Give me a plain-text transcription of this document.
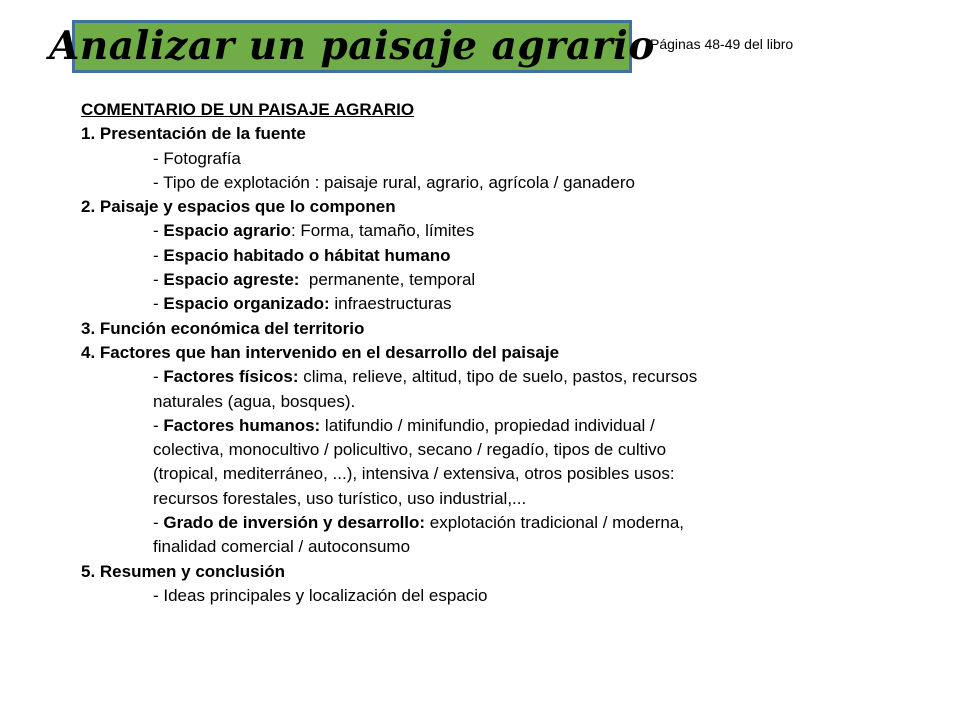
Analizar un paisaje agrario
Páginas 48-49 del libro
COMENTARIO DE UN PAISAJE AGRARIO
1. Presentación de la fuente
- Fotografía
- Tipo de explotación : paisaje rural, agrario, agrícola / ganadero
2. Paisaje y espacios que lo componen
- Espacio agrario: Forma, tamaño, límites
- Espacio habitado o hábitat humano
- Espacio agreste:  permanente, temporal
- Espacio organizado: infraestructuras
3. Función económica del territorio
4. Factores que han intervenido en el desarrollo del paisaje
- Factores físicos: clima, relieve, altitud, tipo de suelo, pastos, recursos
naturales (agua, bosques).
- Factores humanos: latifundio / minifundio, propiedad individual /
colectiva, monocultivo / policultivo, secano / regadío, tipos de cultivo
(tropical, mediterráneo, ...), intensiva / extensiva, otros posibles usos:
recursos forestales, uso turístico, uso industrial,...
- Grado de inversión y desarrollo: explotación tradicional / moderna,
finalidad comercial / autoconsumo
5. Resumen y conclusión
- Ideas principales y localización del espacio
